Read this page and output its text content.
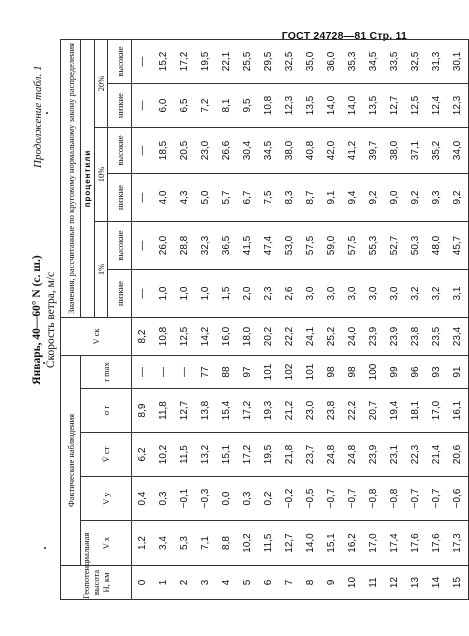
ГОСТ 24728—81 Стр. 11
Январь, 40—60° N (с. ш.) Скорость ветра, м/с
Продолжение табл. 1
Геопотенциальная высота H, км	Фактические наблюдения					V ск	Значения, рассчитанные по круговому нормальному закону распределения					
	V x	V y	V̄ ст	σ r	r max		процентили					
							1%		10%		20%	
							низкие	высокие	низкие	высокие	низкие	высокие
0	1,2	0,4	6,2	8,9	—	8,2	—	—	—	—	—	—
1	3,4	0,3	10,2	11,8	—	10,8	1,0	26,0	4,0	18,5	6,0	15,2
2	5,3	−0,1	11,5	12,7	—	12,5	1,0	28,8	4,3	20,5	6,5	17,2
3	7,1	−0,3	13,2	13,8	77	14,2	1,0	32,3	5,0	23,0	7,2	19,5
4	8,8	0,0	15,1	15,4	88	16,0	1,5	36,5	5,7	26,6	8,1	22,1
5	10,2	0,3	17,2	17,2	97	18,0	2,0	41,5	6,7	30,4	9,5	25,5
6	11,5	0,2	19,5	19,3	101	20,2	2,3	47,4	7,5	34,5	10,8	29,5
7	12,7	−0,2	21,8	21,2	102	22,2	2,6	53,0	8,3	38,0	12,3	32,5
8	14,0	−0,5	23,7	23,0	101	24,1	3,0	57,5	8,7	40,8	13,5	35,0
9	15,1	−0,7	24,8	23,8	98	25,2	3,0	59,0	9,1	42,0	14,0	36,0
10	16,2	−0,7	24,8	22,2	98	24,0	3,0	57,5	9,4	41,2	14,0	35,3
11	17,0	−0,8	23,9	20,7	100	23,9	3,0	55,3	9,2	39,7	13,5	34,5
12	17,4	−0,8	23,1	19,4	99	23,9	3,0	52,7	9,0	38,0	12,7	33,5
13	17,6	−0,7	22,3	18,1	96	23,8	3,2	50,3	9,2	37,1	12,5	32,5
14	17,6	−0,7	21,4	17,0	93	23,5	3,2	48,0	9,3	35,2	12,4	31,3
15	17,3	−0,6	20,6	16,1	91	23,4	3,1	45,7	9,2	34,0	12,3	30,1
